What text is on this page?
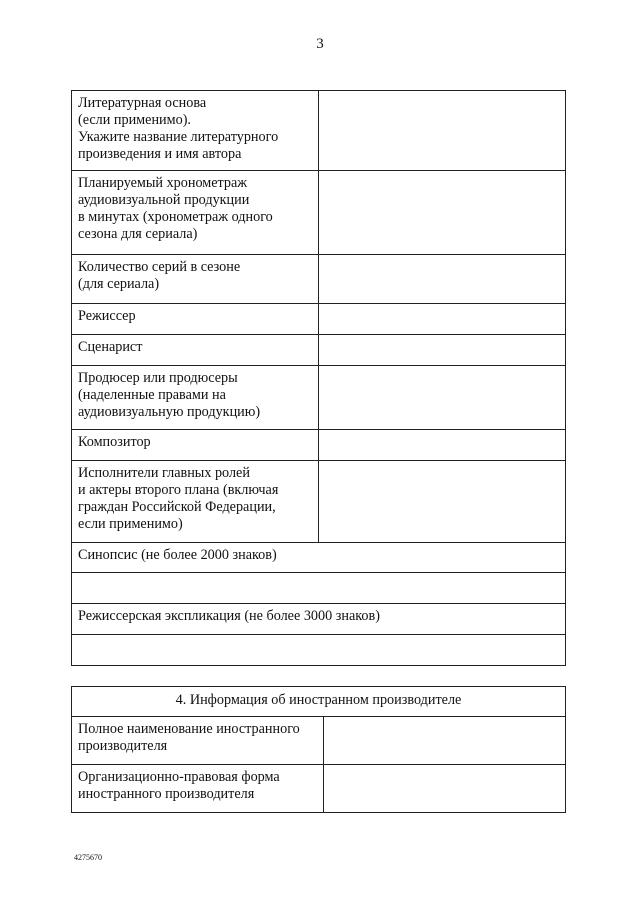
3
Литературная основа
(если применимо).
Укажите название литературного
произведения и имя автора	

Планируемый хронометраж
аудиовизуальной продукции
в минутах (хронометраж одного
сезона для сериала)	

Количество серий в сезоне
(для сериала)	

Режиссер	

Сценарист	

Продюсер или продюсеры
(наделенные правами на
аудиовизуальную продукцию)	

Композитор	

Исполнители главных ролей
и актеры второго плана (включая
граждан Российской Федерации,
если применимо)	

Синопсис (не более 2000 знаков)	

Режиссерская экспликация (не более 3000 знаков)	

4. Информация об иностранном производителе	

Полное наименование иностранного
производителя	

Организационно-правовая форма
иностранного производителя	

4275670
